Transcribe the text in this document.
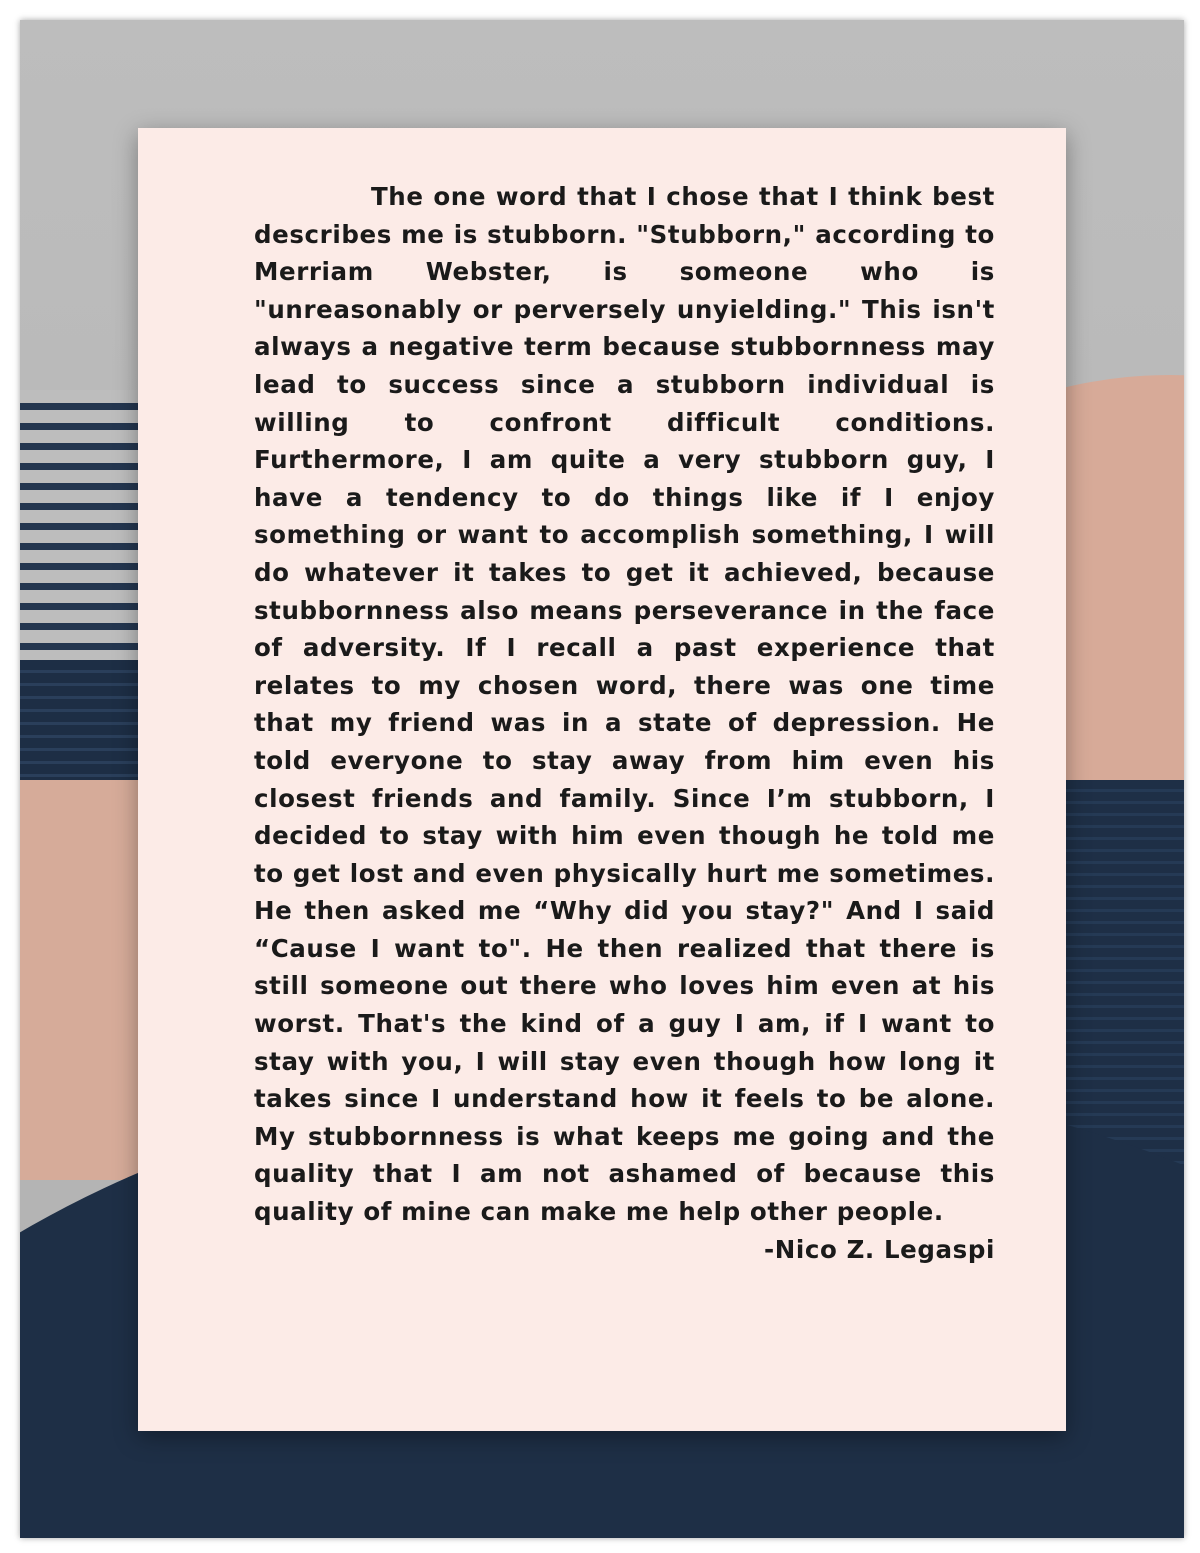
The one word that I chose that I think best describes me is stubborn. "Stubborn," according to Merriam Webster, is someone who is "unreasonably or perversely unyielding." This isn't always a negative term because stubbornness may lead to success since a stubborn individual is willing to confront difficult conditions. Furthermore, I am quite a very stubborn guy, I have a tendency to do things like if I enjoy something or want to accomplish something, I will do whatever it takes to get it achieved, because stubbornness also means perseverance in the face of adversity. If I recall a past experience that relates to my chosen word, there was one time that my friend was in a state of depression. He told everyone to stay away from him even his closest friends and family. Since I’m stubborn, I decided to stay with him even though he told me to get lost and even physically hurt me sometimes. He then asked me “Why did you stay?" And I said “Cause I want to". He then realized that there is still someone out there who loves him even at his worst. That's the kind of a guy I am, if I want to stay with you, I will stay even though how long it takes since I understand how it feels to be alone. My stubbornness is what keeps me going and the quality that I am not ashamed of because this quality of mine can make me help other people.

-Nico Z. Legaspi
